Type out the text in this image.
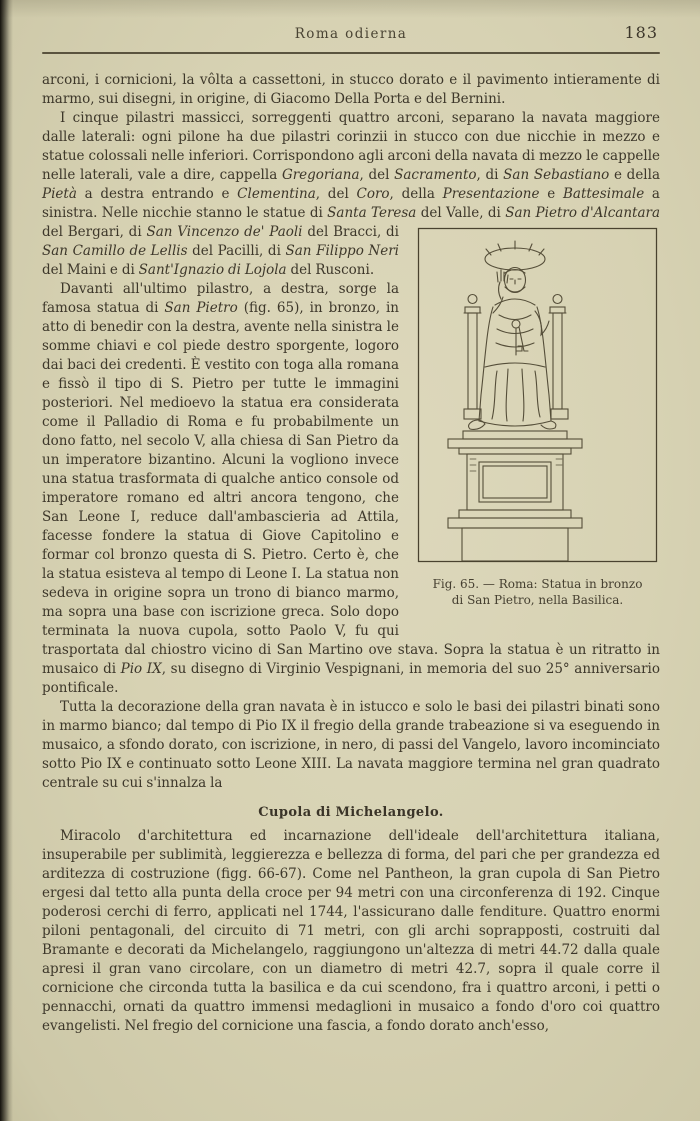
Roma odierna	183

arconi, i cornicioni, la vôlta a cassettoni, in stucco dorato e il pavimento intieramente di marmo, sui disegni, in origine, di Giacomo Della Porta e del Bernini.

I cinque pilastri massicci, sorreggenti quattro arconi, separano la navata maggiore dalle laterali: ogni pilone ha due pilastri corinzii in stucco con due nicchie in mezzo e statue colossali nelle inferiori. Corrispondono agli arconi della navata di mezzo le cappelle nelle laterali, vale a dire, cappella Gregoriana, del Sacramento, di San Sebastiano e della Pietà a destra entrando e Clementina, del Coro, della Presentazione e Battesimale a sinistra. Nelle nicchie stanno le statue di Santa Teresa del
Fig. 65. — Roma: Statua in bronzo
di San Pietro, nella Basilica.
Valle, di San Pietro d'Alcantara del Bergari, di San Vincenzo de' Paoli del Bracci, di San Camillo de Lellis del Pacilli, di San Filippo Neri del Maini e di Sant'Ignazio di Lojola del Rusconi.

Davanti all'ultimo pilastro, a destra, sorge la famosa statua di San Pietro (fig. 65), in bronzo, in atto di benedir con la destra, avente nella sinistra le somme chiavi e col piede destro sporgente, logoro dai baci dei credenti. È vestito con toga alla romana e fissò il tipo di S. Pietro per tutte le immagini posteriori. Nel medioevo la statua era considerata come il Palladio di Roma e fu probabilmente un dono fatto, nel secolo V, alla chiesa di San Pietro da un imperatore bizantino. Alcuni la vogliono invece una statua trasformata di qualche antico console od imperatore romano ed altri ancora tengono, che San Leone I, reduce dall'ambascieria ad Attila, facesse fondere la statua di Giove Capitolino e formar col bronzo questa di S. Pietro. Certo è, che la statua esisteva al tempo di Leone I. La statua non sedeva in origine sopra un trono di bianco marmo, ma sopra una base con iscrizione greca. Solo dopo terminata la nuova cupola, sotto Paolo V, fu qui trasportata dal chiostro vicino di San Martino ove stava. Sopra la statua è un ritratto in musaico di Pio IX, su disegno di Virginio Vespignani, in memoria del suo 25° anniversario pontificale.

Tutta la decorazione della gran navata è in istucco e solo le basi dei pilastri binati sono in marmo bianco; dal tempo di Pio IX il fregio della grande trabeazione si va eseguendo in musaico, a sfondo dorato, con iscrizione, in nero, di passi del Vangelo, lavoro incominciato sotto Pio IX e continuato sotto Leone XIII. La navata maggiore termina nel gran quadrato centrale su cui s'innalza la

Cupola di Michelangelo.

Miracolo d'architettura ed incarnazione dell'ideale dell'architettura italiana, insuperabile per sublimità, leggierezza e bellezza di forma, del pari che per grandezza ed arditezza di costruzione (figg. 66-67). Come nel Pantheon, la gran cupola di San Pietro ergesi dal tetto alla punta della croce per 94 metri con una circonferenza di 192. Cinque poderosi cerchi di ferro, applicati nel 1744, l'assicurano dalle fenditure. Quattro enormi piloni pentagonali, del circuito di 71 metri, con gli archi soprapposti, costruiti dal Bramante e decorati da Michelangelo, raggiungono un'altezza di metri 44.72 dalla quale apresi il gran vano circolare, con un diametro di metri 42.7, sopra il quale corre il cornicione che circonda tutta la basilica e da cui scendono, fra i quattro arconi, i petti o pennacchi, ornati da quattro immensi medaglioni in musaico a fondo d'oro coi quattro evangelisti. Nel fregio del cornicione una fascia, a fondo dorato anch'esso,
